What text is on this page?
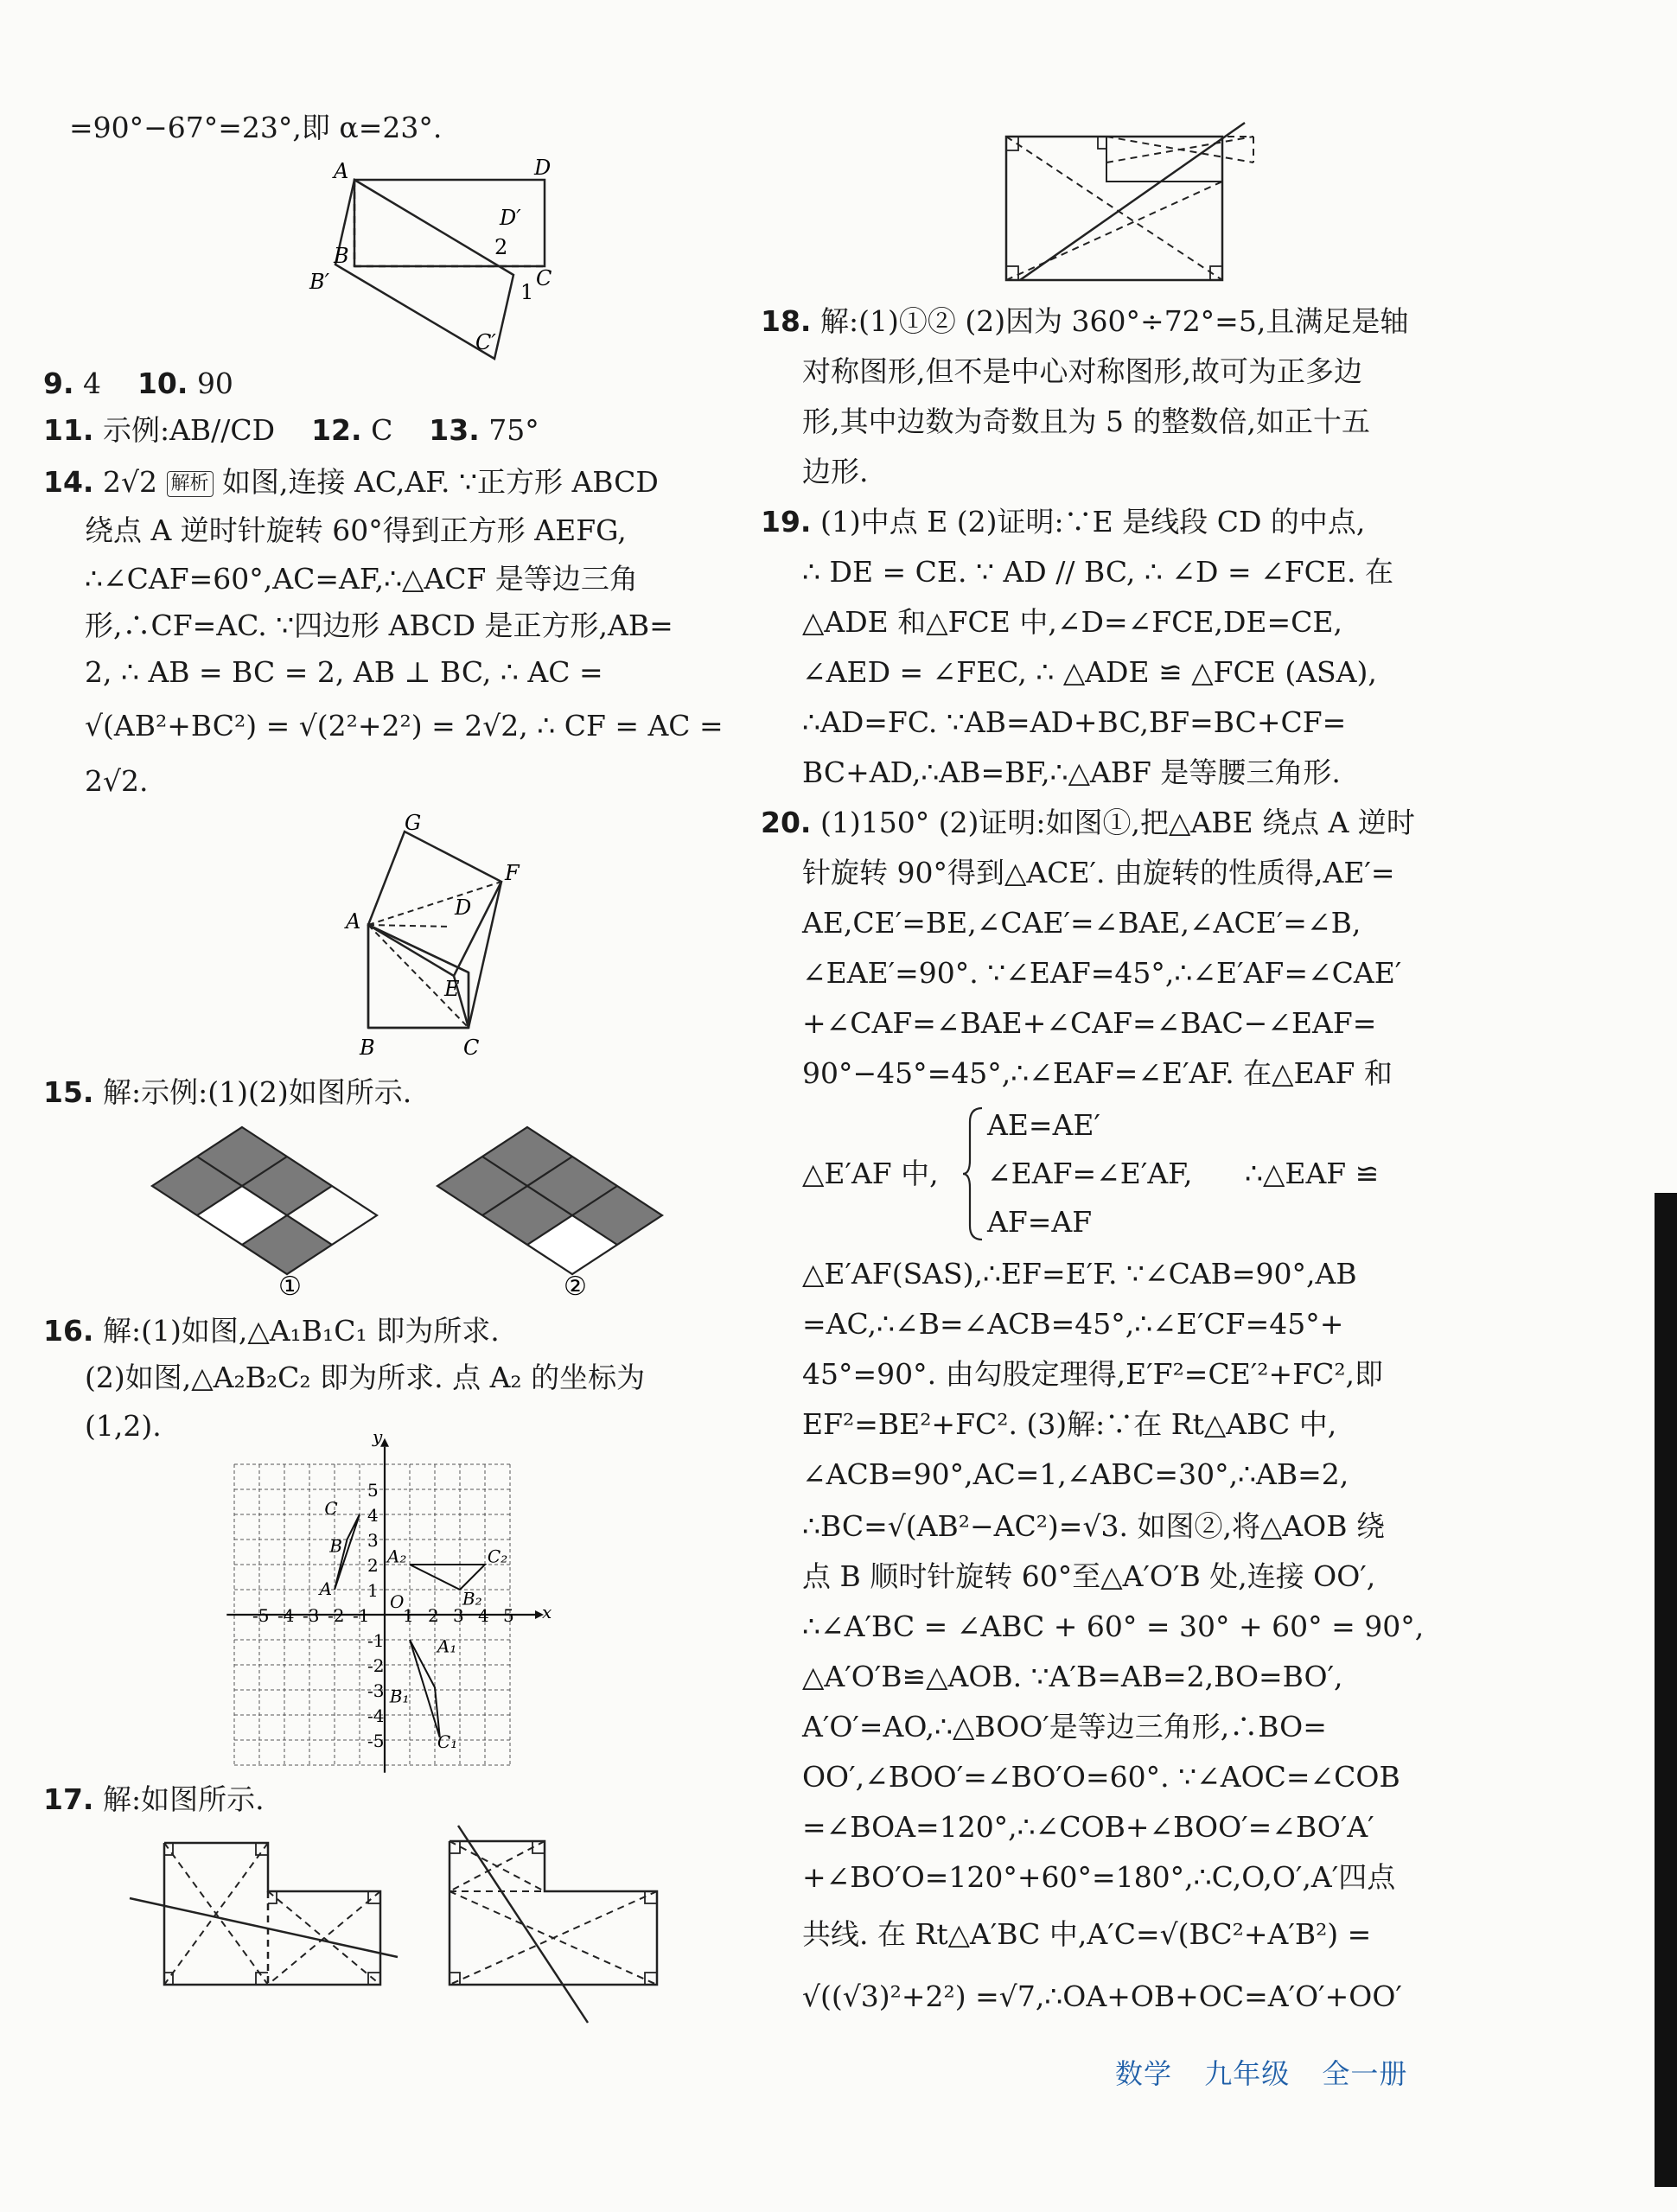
=90°−67°=23°,即 α=23°.
A	D
D′
B
B′	C
C′
1
2
9. 4 10. 90
11. 示例:AB//CD 12. C 13. 75°
14. 2√2 解析 如图,连接 AC,AF. ∵正方形 ABCD
绕点 A 逆时针旋转 60°得到正方形 AEFG,
∴∠CAF=60°,AC=AF,∴△ACF 是等边三角
形,∴CF=AC. ∵四边形 ABCD 是正方形,AB=
2, ∴ AB = BC = 2, AB ⊥ BC, ∴ AC =
√(AB²+BC²) = √(2²+2²) = 2√2, ∴ CF = AC =
2√2.
G
F
A
D
E
B	C
15. 解:示例:(1)(2)如图所示.
①	②
16. 解:(1)如图,△A₁B₁C₁ 即为所求.
(2)如图,△A₂B₂C₂ 即为所求. 点 A₂ 的坐标为
(1,2).
x
y
O
5
4
3
2
1
-1
-2
-3
-4
-5
-5 -4 -3 -2 -1 1 2 3 4 5
A
B
C
A₁
B₁
C₁
A₂
B₂
C₂
17. 解:如图所示.
18. 解:(1)①② (2)因为 360°÷72°=5,且满足是轴
对称图形,但不是中心对称图形,故可为正多边
形,其中边数为奇数且为 5 的整数倍,如正十五
边形.
19. (1)中点 E (2)证明:∵E 是线段 CD 的中点,
∴ DE = CE. ∵ AD // BC, ∴ ∠D = ∠FCE. 在
△ADE 和△FCE 中,∠D=∠FCE,DE=CE,
∠AED = ∠FEC, ∴ △ADE ≌ △FCE (ASA),
∴AD=FC. ∵AB=AD+BC,BF=BC+CF=
BC+AD,∴AB=BF,∴△ABF 是等腰三角形.
20. (1)150° (2)证明:如图①,把△ABE 绕点 A 逆时
针旋转 90°得到△ACE′. 由旋转的性质得,AE′=
AE,CE′=BE,∠CAE′=∠BAE,∠ACE′=∠B,
∠EAE′=90°. ∵∠EAF=45°,∴∠E′AF=∠CAE′
+∠CAF=∠BAE+∠CAF=∠BAC−∠EAF=
90°−45°=45°,∴∠EAF=∠E′AF. 在△EAF 和
△E′AF 中,
AE=AE′
∠EAF=∠E′AF,
AF=AF
∴△EAF ≌
△E′AF(SAS),∴EF=E′F. ∵∠CAB=90°,AB
=AC,∴∠B=∠ACB=45°,∴∠E′CF=45°+
45°=90°. 由勾股定理得,E′F²=CE′²+FC²,即
EF²=BE²+FC². (3)解:∵在 Rt△ABC 中,
∠ACB=90°,AC=1,∠ABC=30°,∴AB=2,
∴BC=√(AB²−AC²)=√3. 如图②,将△AOB 绕
点 B 顺时针旋转 60°至△A′O′B 处,连接 OO′,
∴∠A′BC = ∠ABC + 60° = 30° + 60° = 90°,
△A′O′B≌△AOB. ∵A′B=AB=2,BO=BO′,
A′O′=AO,∴△BOO′是等边三角形,∴BO=
OO′,∠BOO′=∠BO′O=60°. ∵∠AOC=∠COB
=∠BOA=120°,∴∠COB+∠BOO′=∠BO′A′
+∠BO′O=120°+60°=180°,∴C,O,O′,A′四点
共线. 在 Rt△A′BC 中,A′C=√(BC²+A′B²) =
√((√3)²+2²) =√7,∴OA+OB+OC=A′O′+OO′
数学 九年级 全一册
